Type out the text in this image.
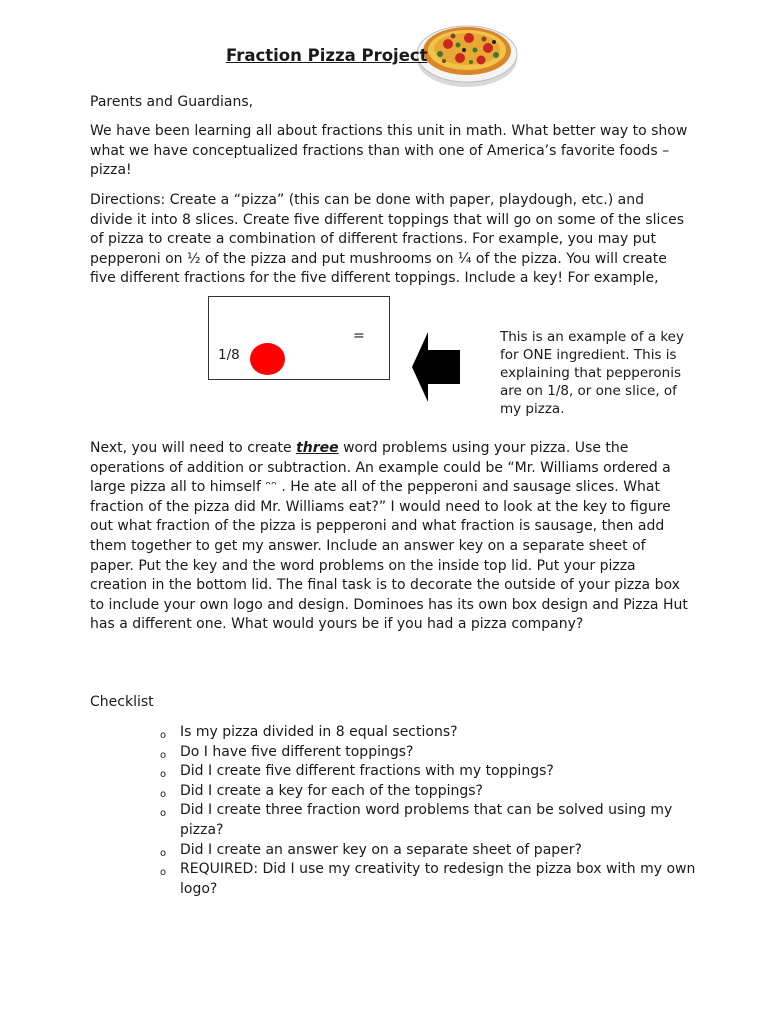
Fraction Pizza Project

Parents and Guardians,

We have been learning all about fractions this unit in math. What better way to show what we have conceptualized fractions than with one of America’s favorite foods – pizza!

Directions: Create a “pizza” (this can be done with paper, playdough, etc.) and divide it into 8 slices. Create five different toppings that will go on some of the slices of pizza to create a combination of different fractions. For example, you may put pepperoni on ½ of the pizza and put mushrooms on ¼ of the pizza. You will create five different fractions for the five different toppings. Include a key! For example,

1/8
=	This is an example of a key for ONE ingredient. This is explaining that pepperonis are on 1/8, or one slice, of my pizza.

Next, you will need to create three word problems using your pizza. Use the operations of addition or subtraction. An example could be “Mr. Williams ordered a large pizza all to himself ᵔᵔ . He ate all of the pepperoni and sausage slices. What fraction of the pizza did Mr. Williams eat?” I would need to look at the key to figure out what fraction of the pizza is pepperoni and what fraction is sausage, then add them together to get my answer. Include an answer key on a separate sheet of paper. Put the key and the word problems on the inside top lid. Put your pizza creation in the bottom lid. The final task is to decorate the outside of your pizza box to include your own logo and design. Dominoes has its own box design and Pizza Hut has a different one. What would yours be if you had a pizza company?

Checklist

o Is my pizza divided in 8 equal sections?
o Do I have five different toppings?
o Did I create five different fractions with my toppings?
o Did I create a key for each of the toppings?
o Did I create three fraction word problems that can be solved using my pizza?
o Did I create an answer key on a separate sheet of paper?
o REQUIRED: Did I use my creativity to redesign the pizza box with my own logo?
